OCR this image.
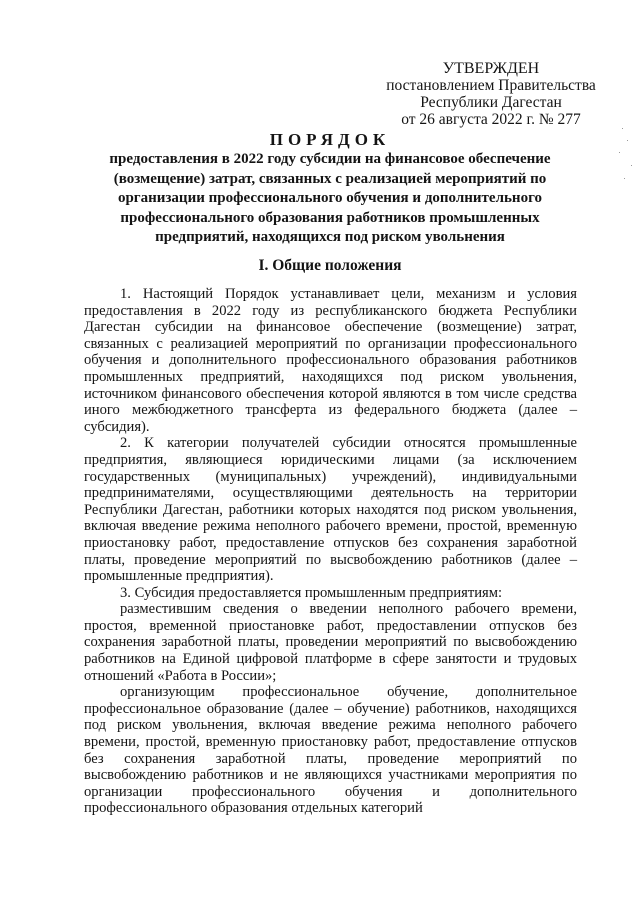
УТВЕРЖДЕН
постановлением Правительства
Республики Дагестан
от 26 августа 2022 г. № 277
ПОРЯДОК
предоставления в 2022 году субсидии на финансовое обеспечение (возмещение) затрат, связанных с реализацией мероприятий по организации профессионального обучения и дополнительного профессионального образования работников промышленных предприятий, находящихся под риском увольнения
I. Общие положения

1. Настоящий Порядок устанавливает цели, механизм и условия предоставления в 2022 году из республиканского бюджета Республики Дагестан субсидии на финансовое обеспечение (возмещение) затрат, связанных с реализацией мероприятий по организации профессионального обучения и дополнительного профессионального образования работников промышленных предприятий, находящихся под риском увольнения, источником финансового обеспечения которой являются в том числе средства иного межбюджетного трансферта из федерального бюджета (далее – субсидия).

2. К категории получателей субсидии относятся промышленные предприятия, являющиеся юридическими лицами (за исключением государственных (муниципальных) учреждений), индивидуальными предпринимателями, осуществляющими деятельность на территории Республики Дагестан, работники которых находятся под риском увольнения, включая введение режима неполного рабочего времени, простой, временную приостановку работ, предоставление отпусков без сохранения заработной платы, проведение мероприятий по высвобождению работников (далее – промышленные предприятия).

3. Субсидия предоставляется промышленным предприятиям:

разместившим сведения о введении неполного рабочего времени, простоя, временной приостановке работ, предоставлении отпусков без сохранения заработной платы, проведении мероприятий по высвобождению работников на Единой цифровой платформе в сфере занятости и трудовых отношений «Работа в России»;

организующим профессиональное обучение, дополнительное профессиональное образование (далее – обучение) работников, находящихся под риском увольнения, включая введение режима неполного рабочего времени, простой, временную приостановку работ, предоставление отпусков без сохранения заработной платы, проведение мероприятий по высвобождению работников и не являющихся участниками мероприятия по организации профессионального обучения и дополнительного профессионального образования отдельных категорий
